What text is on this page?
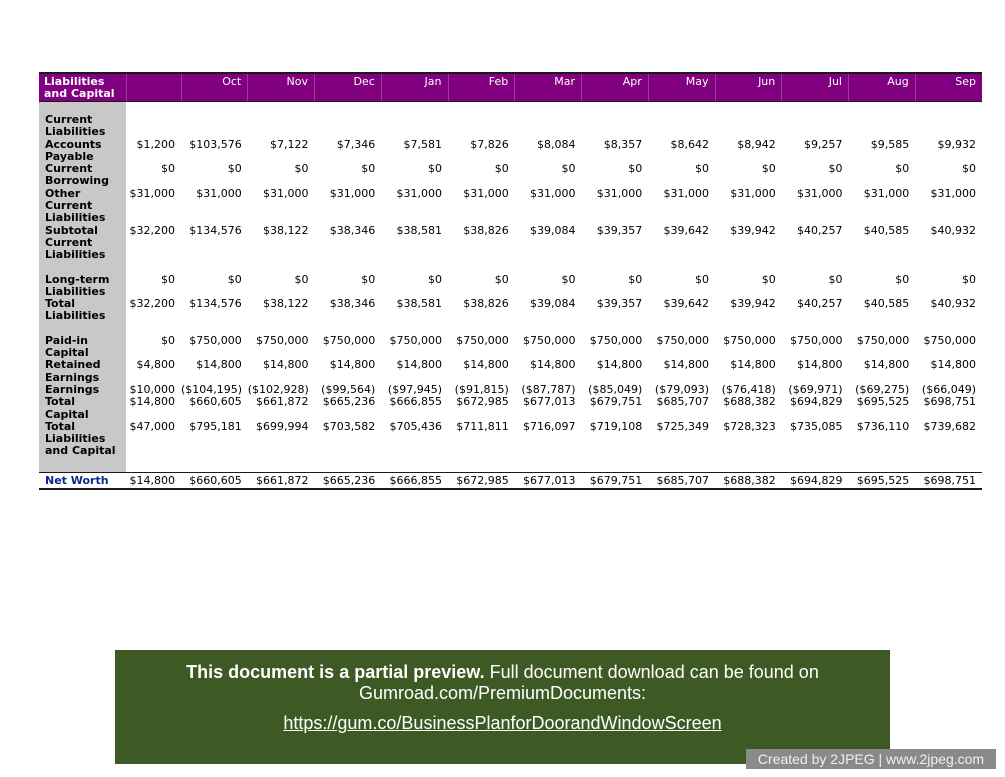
Liabilities and Capital		Oct	Nov	Dec	Jan	Feb	Mar	Apr	May	Jun	Jul	Aug	Sep

Current Liabilities													
Accounts Payable	$1,200	$103,576	$7,122	$7,346	$7,581	$7,826	$8,084	$8,357	$8,642	$8,942	$9,257	$9,585	$9,932
Current Borrowing	$0	$0	$0	$0	$0	$0	$0	$0	$0	$0	$0	$0	$0
Other Current Liabilities	$31,000	$31,000	$31,000	$31,000	$31,000	$31,000	$31,000	$31,000	$31,000	$31,000	$31,000	$31,000	$31,000
Subtotal Current Liabilities	$32,200	$134,576	$38,122	$38,346	$38,581	$38,826	$39,084	$39,357	$39,642	$39,942	$40,257	$40,585	$40,932

Long-term Liabilities	$0	$0	$0	$0	$0	$0	$0	$0	$0	$0	$0	$0	$0
Total Liabilities	$32,200	$134,576	$38,122	$38,346	$38,581	$38,826	$39,084	$39,357	$39,642	$39,942	$40,257	$40,585	$40,932

Paid-in Capital	$0	$750,000	$750,000	$750,000	$750,000	$750,000	$750,000	$750,000	$750,000	$750,000	$750,000	$750,000	$750,000
Retained Earnings	$4,800	$14,800	$14,800	$14,800	$14,800	$14,800	$14,800	$14,800	$14,800	$14,800	$14,800	$14,800	$14,800
Earnings	$10,000	($104,195)	($102,928)	($99,564)	($97,945)	($91,815)	($87,787)	($85,049)	($79,093)	($76,418)	($69,971)	($69,275)	($66,049)
Total Capital	$14,800	$660,605	$661,872	$665,236	$666,855	$672,985	$677,013	$679,751	$685,707	$688,382	$694,829	$695,525	$698,751
Total Liabilities and Capital	$47,000	$795,181	$699,994	$703,582	$705,436	$711,811	$716,097	$719,108	$725,349	$728,323	$735,085	$736,110	$739,682

Net Worth	$14,800	$660,605	$661,872	$665,236	$666,855	$672,985	$677,013	$679,751	$685,707	$688,382	$694,829	$695,525	$698,751
This document is a partial preview. Full document download can be found on Gumroad.com/PremiumDocuments:
https://gum.co/BusinessPlanforDoorandWindowScreen
Created by 2JPEG | www.2jpeg.com
